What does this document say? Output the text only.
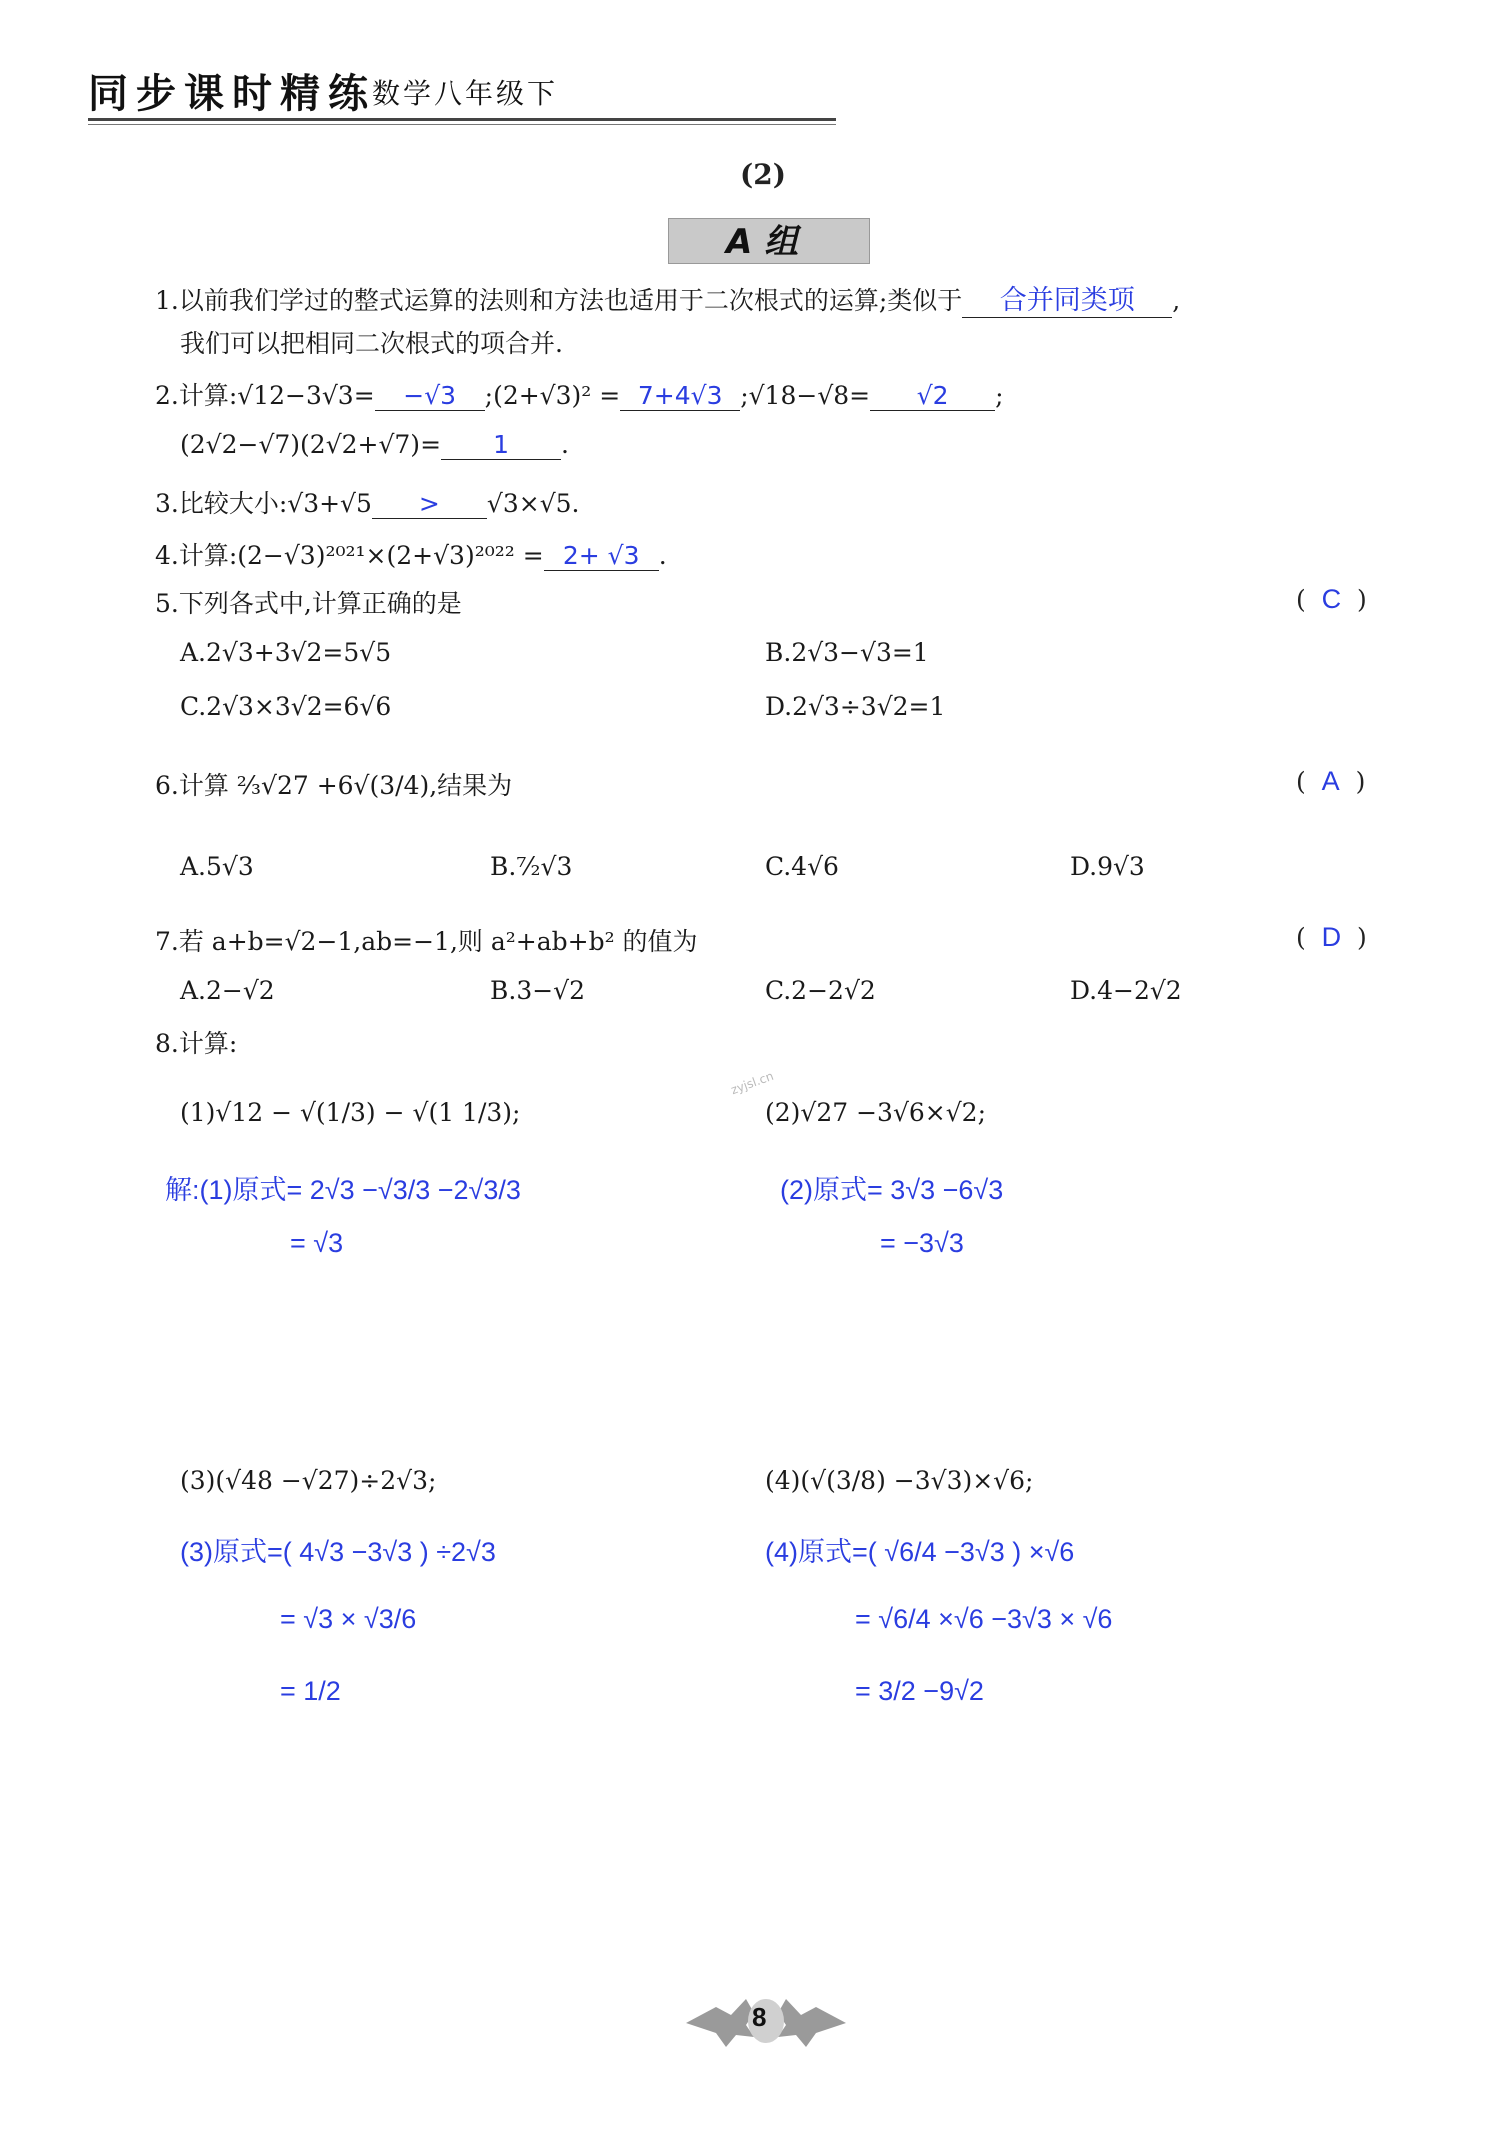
同步课时精练
数学八年级下
(2)
A 组
1.以前我们学过的整式运算的法则和方法也适用于二次根式的运算;类似于 合并同类项 ,
我们可以把相同二次根式的项合并.
2.计算:√12−3√3= −√3 ;(2+√3)² = 7+4√3 ;√18−√8= √2 ;
(2√2−√7)(2√2+√7)= 1 .
3.比较大小:√3+√5 > √3×√5.
4.计算:(2−√3)²⁰²¹×(2+√3)²⁰²² = 2+ √3 .
5.下列各式中,计算正确的是	(  C  )
A.2√3+3√2=5√5	B.2√3−√3=1
C.2√3×3√2=6√6	D.2√3÷3√2=1
6.计算 ²⁄₃√27 +6√(3/4),结果为	(  A  )
A.5√3	B.⁷⁄₂√3	C.4√6	D.9√3
7.若 a+b=√2−1,ab=−1,则 a²+ab+b² 的值为	(  D  )
A.2−√2	B.3−√2	C.2−2√2	D.4−2√2
8.计算:
(1)√12 − √(1/3) − √(1 1/3);	(2)√27 −3√6×√2;
zyjsl.cn
解:(1)原式= 2√3 −√3/3 −2√3/3
= √3
(2)原式= 3√3 −6√3
= −3√3
(3)(√48 −√27)÷2√3;	(4)(√(3/8) −3√3)×√6;
(3)原式=( 4√3 −3√3 ) ÷2√3
= √3 × √3/6
= 1/2
(4)原式=( √6/4 −3√3 ) ×√6
= √6/4 ×√6 −3√3 × √6
= 3/2 −9√2
8
